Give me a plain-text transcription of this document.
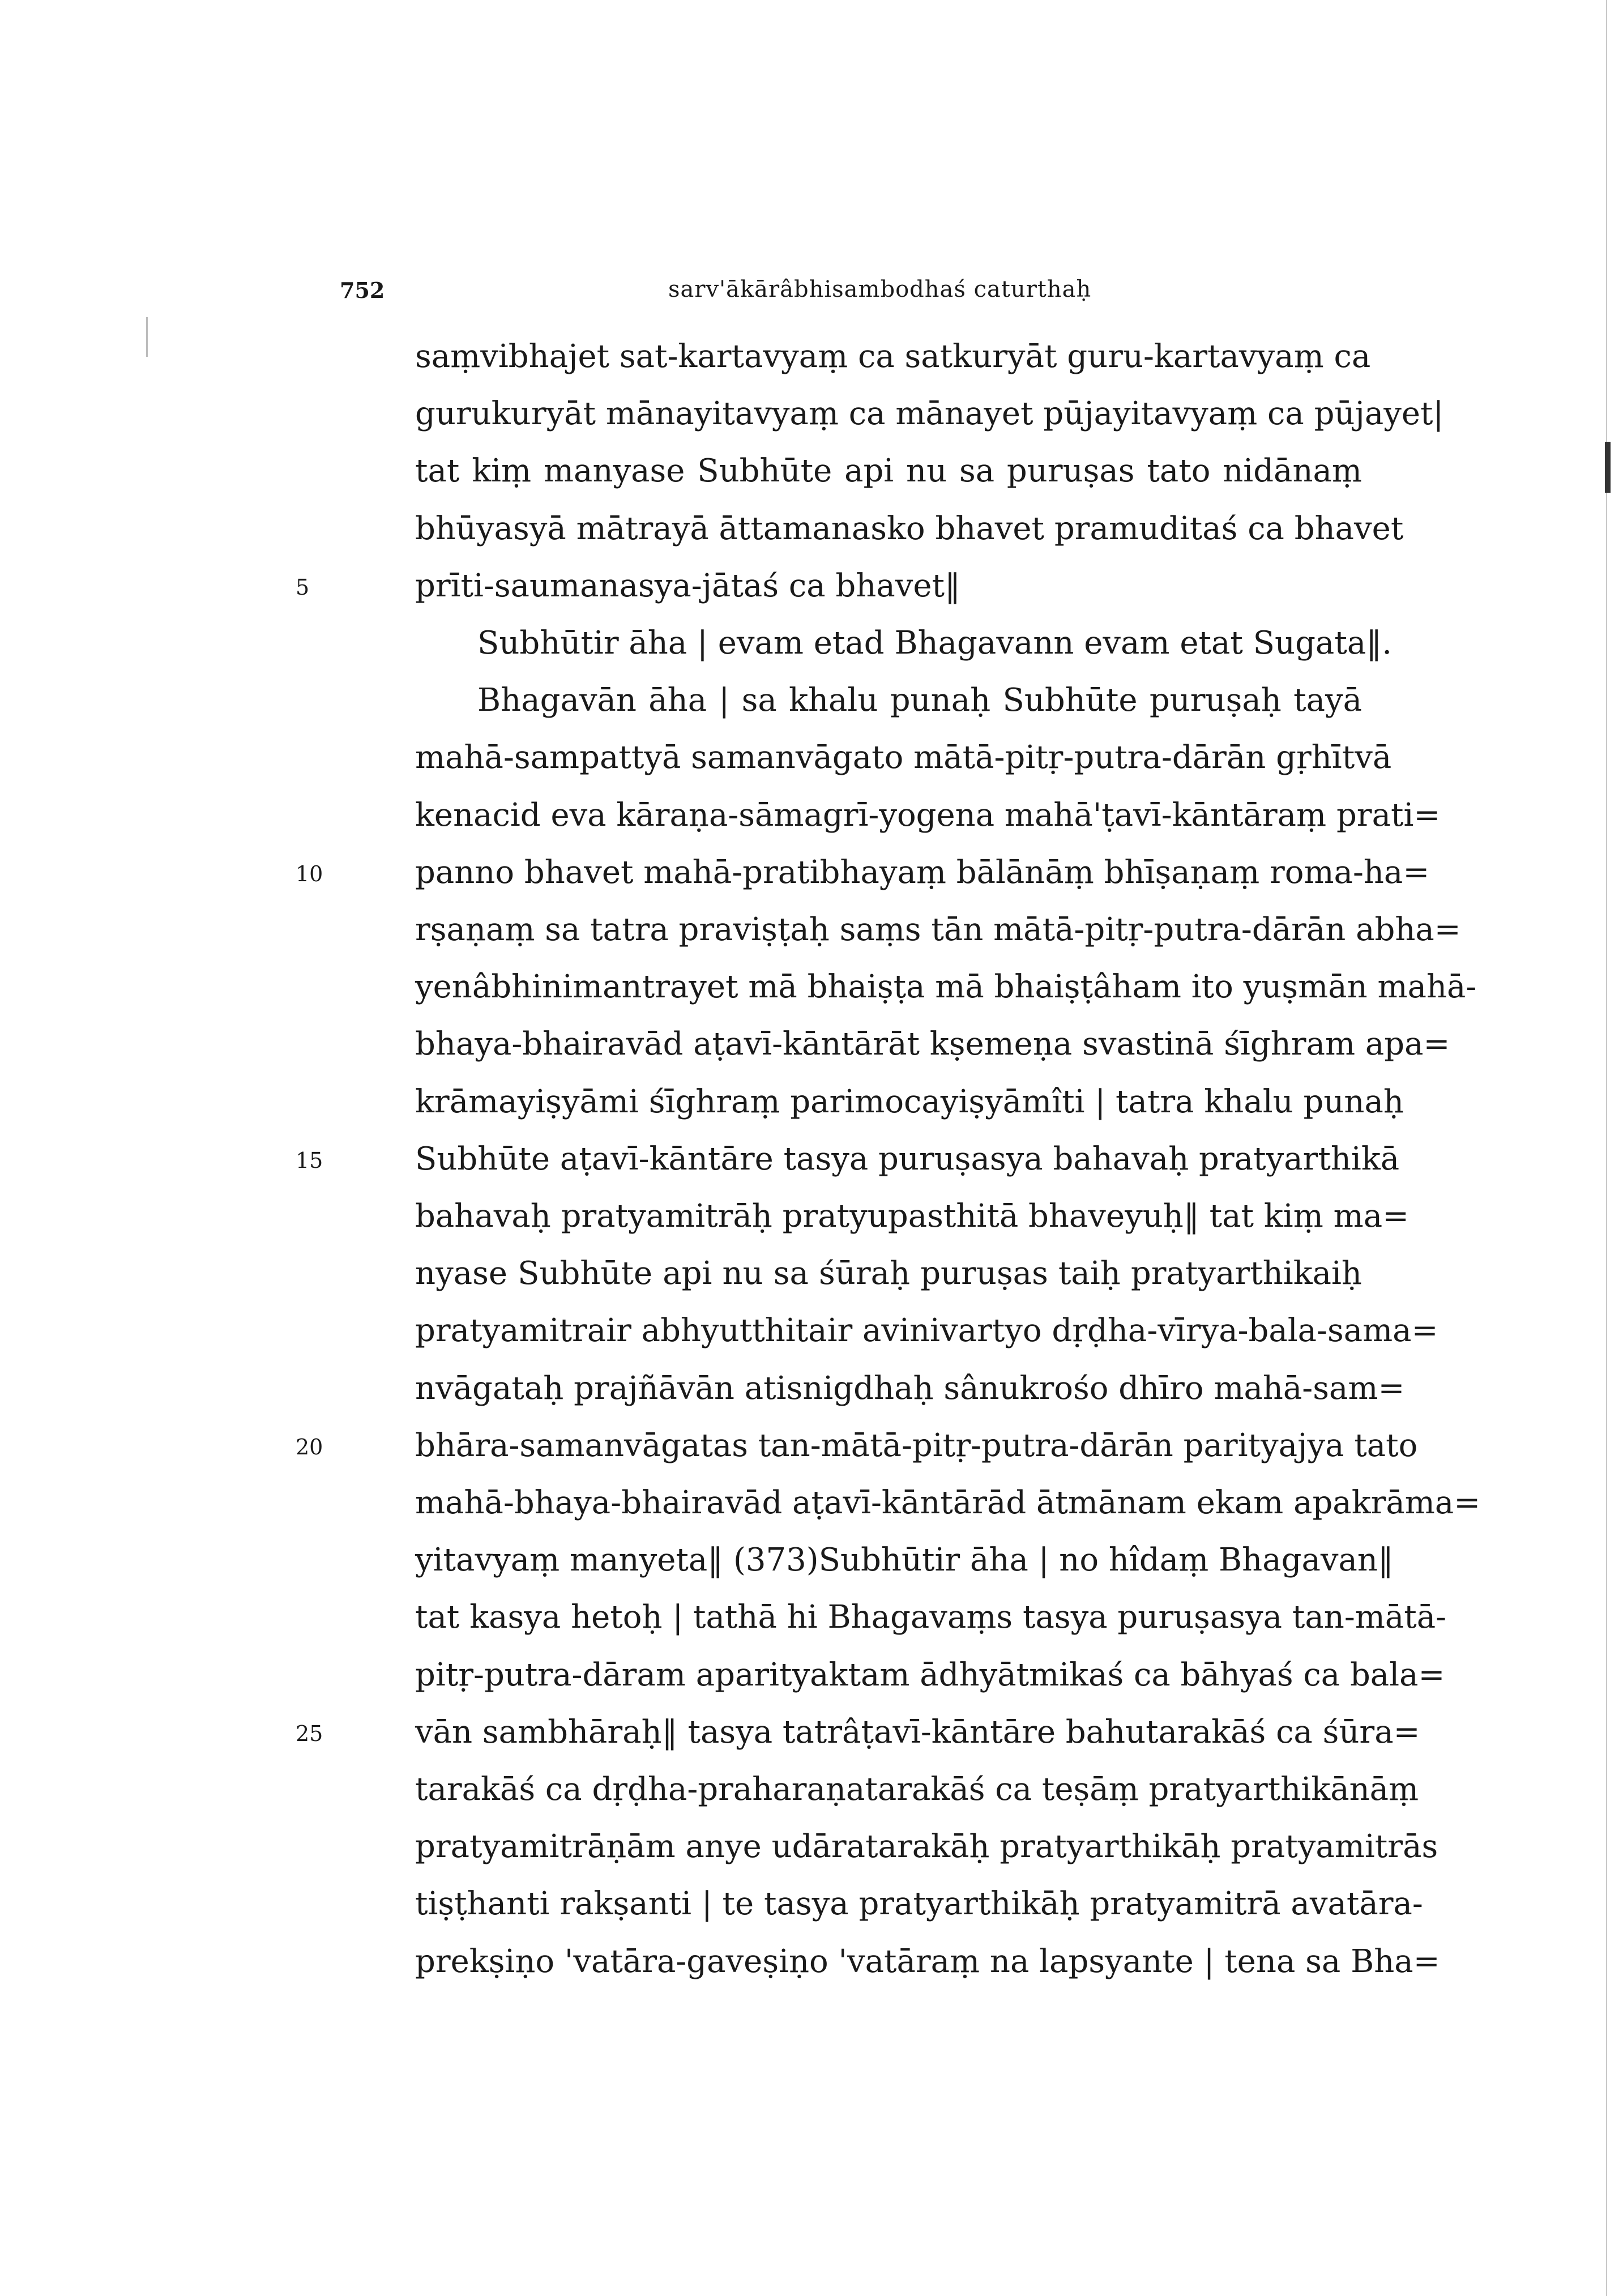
752	sarv'ākārâbhisambodhaś caturthaḥ
saṃvibhajet sat-kartavyaṃ ca satkuryāt guru-kartavyaṃ ca
gurukuryāt mānayitavyaṃ ca mānayet pūjayitavyaṃ ca pūjayet|
tat kiṃ manyase Subhūte api nu sa puruṣas tato nidānaṃ
bhūyasyā mātrayā āttamanasko bhavet pramuditaś ca bhavet
prīti-saumanasya-jātaś ca bhavet‖
Subhūtir āha | evam etad Bhagavann evam etat Sugata‖.
Bhagavān āha | sa khalu punaḥ Subhūte puruṣaḥ tayā
mahā-sampattyā samanvāgato mātā-pitṛ-putra-dārān gṛhītvā
kenacid eva kāraṇa-sāmagrī-yogena mahā'ṭavī-kāntāraṃ prati=
panno bhavet mahā-pratibhayaṃ bālānāṃ bhīṣaṇaṃ roma-ha=
rṣaṇaṃ sa tatra praviṣṭaḥ saṃs tān mātā-pitṛ-putra-dārān abha=
yenâbhinimantrayet mā bhaiṣṭa mā bhaiṣṭâham ito yuṣmān mahā-
bhaya-bhairavād aṭavī-kāntārāt kṣemeṇa svastinā śīghram apa=
krāmayiṣyāmi śīghraṃ parimocayiṣyāmîti | tatra khalu punaḥ
Subhūte aṭavī-kāntāre tasya puruṣasya bahavaḥ pratyarthikā
bahavaḥ pratyamitrāḥ pratyupasthitā bhaveyuḥ‖ tat kiṃ ma=
nyase Subhūte api nu sa śūraḥ puruṣas taiḥ pratyarthikaiḥ
pratyamitrair abhyutthitair avinivartyo dṛḍha-vīrya-bala-sama=
nvāgataḥ prajñāvān atisnigdhaḥ sânukrośo dhīro mahā-sam=
bhāra-samanvāgatas tan-mātā-pitṛ-putra-dārān parityajya tato
mahā-bhaya-bhairavād aṭavī-kāntārād ātmānam ekam apakrāma=
yitavyaṃ manyeta‖ (373)Subhūtir āha | no hîdaṃ Bhagavan‖
tat kasya hetoḥ | tathā hi Bhagavaṃs tasya puruṣasya tan-mātā-
pitṛ-putra-dāram aparityaktam ādhyātmikaś ca bāhyaś ca bala=
vān sambhāraḥ‖ tasya tatrâṭavī-kāntāre bahutarakāś ca śūra=
tarakāś ca dṛḍha-praharaṇatarakāś ca teṣāṃ pratyarthikānāṃ
pratyamitrāṇām anye udāratarakāḥ pratyarthikāḥ pratyamitrās
tiṣṭhanti rakṣanti | te tasya pratyarthikāḥ pratyamitrā avatāra-
prekṣiṇo 'vatāra-gaveṣiṇo 'vatāraṃ na lapsyante | tena sa Bha=
5
10
15
20
25
